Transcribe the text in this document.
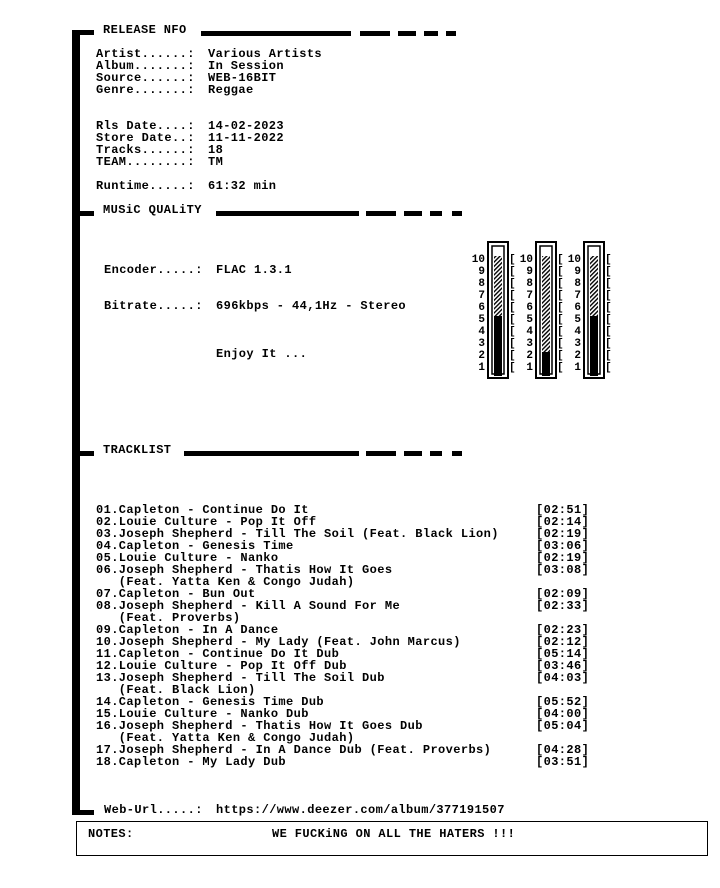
RELEASE NFO
Artist......: Various Artists
Album.......: In Session
Source......: WEB-16BIT
Genre.......: Reggae
Rls Date....: 14-02-2023
Store Date..: 11-11-2022
Tracks......: 18
TEAM........: TM
Runtime.....: 61:32 min
MUSiC QUALiTY
Encoder.....: FLAC 1.3.1
Bitrate.....: 696kbps - 44,1Hz - Stereo
Enjoy It ...
10 [
9 [
8 [
7 [
6 [
5 [
4 [
3 [
2 [
1 [
10 [
9 [
8 [
7 [
6 [
5 [
4 [
3 [
2 [
1 [
10 [
9 [
8 [
7 [
6 [
5 [
4 [
3 [
2 [
1 [
TRACKLIST
01.Capleton - Continue Do It	[02:51]
02.Louie Culture - Pop It Off	[02:14]
03.Joseph Shepherd - Till The Soil (Feat. Black Lion)	[02:19]
04.Capleton - Genesis Time	[03:06]
05.Louie Culture - Nanko	[02:19]
06.Joseph Shepherd - Thatis How It Goes	[03:08]
(Feat. Yatta Ken & Congo Judah)
07.Capleton - Bun Out	[02:09]
08.Joseph Shepherd - Kill A Sound For Me	[02:33]
(Feat. Proverbs)
09.Capleton - In A Dance	[02:23]
10.Joseph Shepherd - My Lady (Feat. John Marcus)	[02:12]
11.Capleton - Continue Do It Dub	[05:14]
12.Louie Culture - Pop It Off Dub	[03:46]
13.Joseph Shepherd - Till The Soil Dub	[04:03]
(Feat. Black Lion)
14.Capleton - Genesis Time Dub	[05:52]
15.Louie Culture - Nanko Dub	[04:00]
16.Joseph Shepherd - Thatis How It Goes Dub	[05:04]
(Feat. Yatta Ken & Congo Judah)
17.Joseph Shepherd - In A Dance Dub (Feat. Proverbs)	[04:28]
18.Capleton - My Lady Dub	[03:51]
Web-Url.....: https://www.deezer.com/album/377191507
NOTES:	WE FUCKiNG ON ALL THE HATERS !!!
